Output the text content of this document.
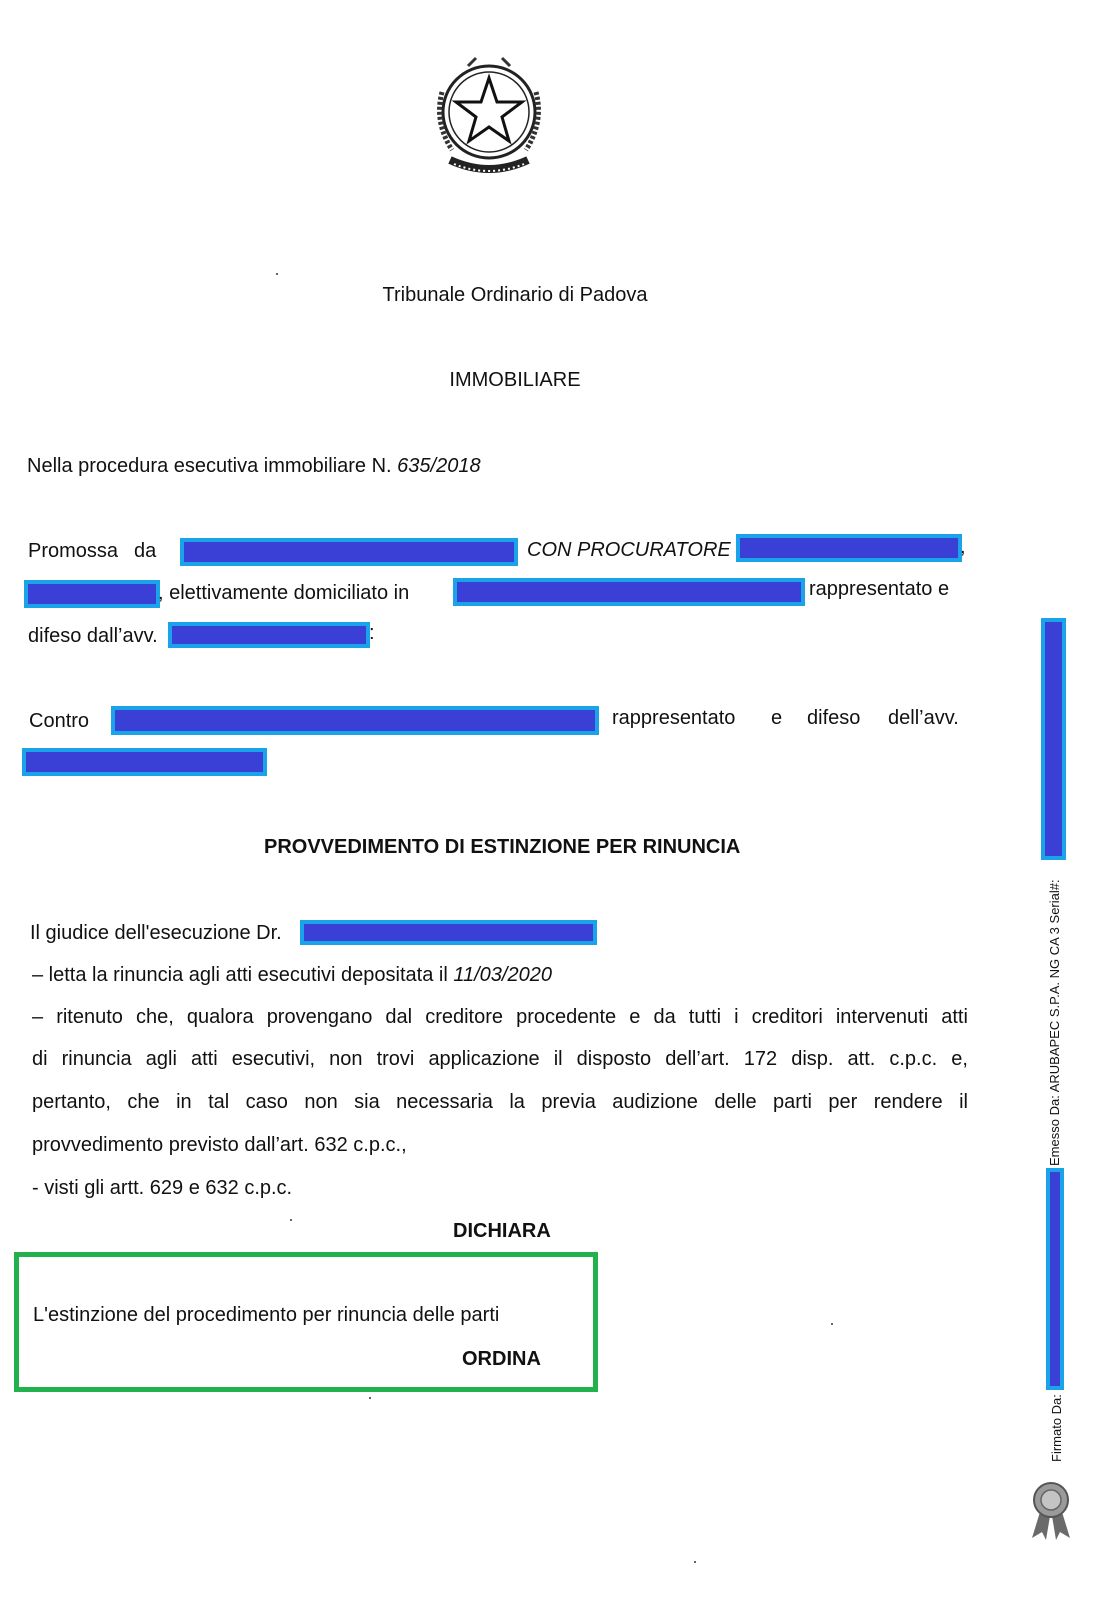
Tribunale Ordinario di Padova
IMMOBILIARE
Nella procedura esecutiva immobiliare N. 635/2018
Promossa da	CON PROCURATORE	,
, elettivamente domiciliato in	rappresentato e
difeso dall’avv.	:
Contro	rappresentato e difeso dell’avv.
PROVVEDIMENTO DI ESTINZIONE PER RINUNCIA
Il giudice dell'esecuzione Dr.
– letta la rinuncia agli atti esecutivi depositata il 11/03/2020
– ritenuto che, qualora provengano dal creditore procedente e da tutti i creditori intervenuti atti
di rinuncia agli atti esecutivi, non trovi applicazione il disposto dell’art. 172 disp. att. c.p.c. e,
pertanto, che in tal caso non sia necessaria la previa audizione delle parti per rendere il
provvedimento previsto dall’art. 632 c.p.c.,
- visti gli artt. 629 e 632 c.p.c.
DICHIARA
L'estinzione del procedimento per rinuncia delle parti
ORDINA
Emesso Da: ARUBAPEC S.P.A. NG CA 3 Serial#:
Firmato Da:
